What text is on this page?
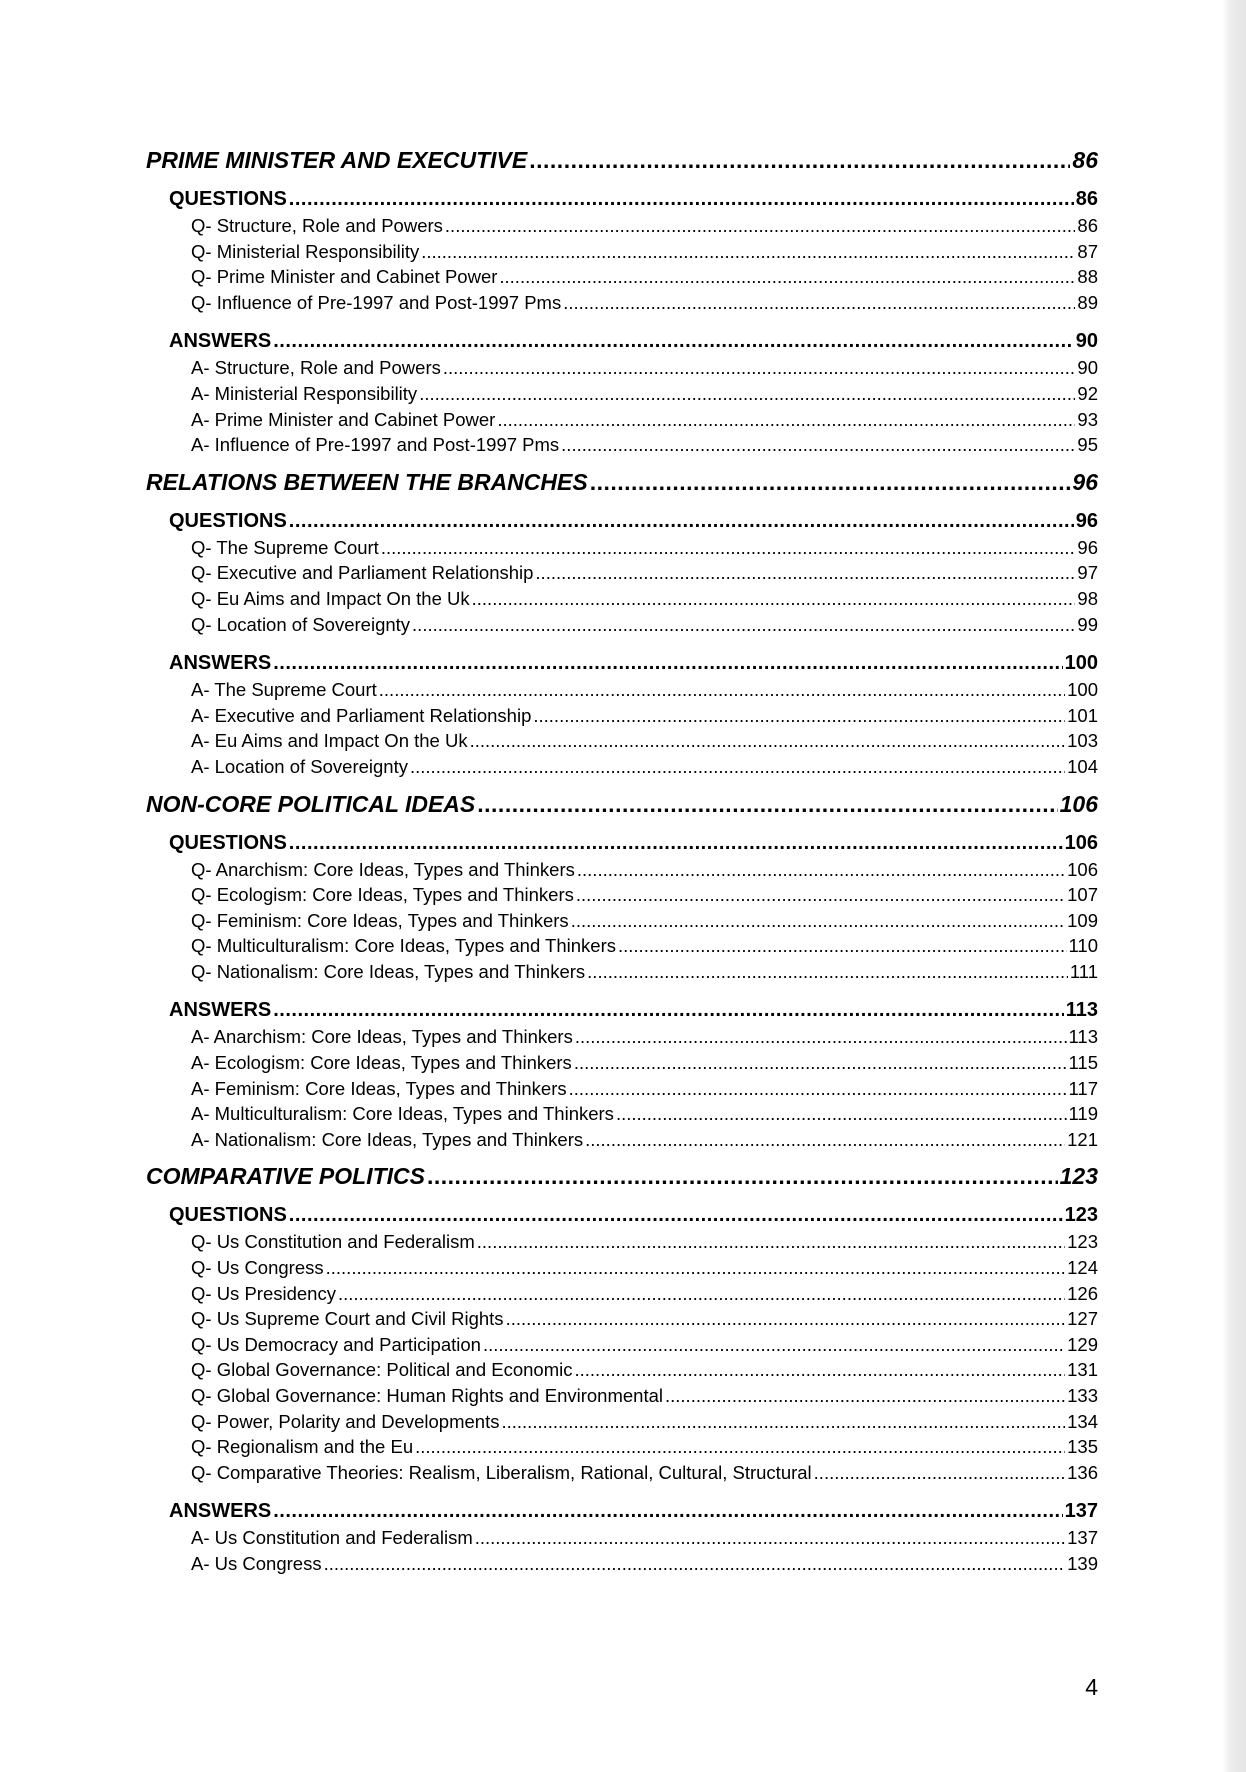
PRIME MINISTER AND EXECUTIVE .....	86
QUESTIONS .....	86
Q- Structure, Role and Powers .....	86
Q- Ministerial Responsibility .....	87
Q- Prime Minister and Cabinet Power .....	88
Q- Influence of Pre-1997 and Post-1997 Pms .....	89
ANSWERS .....	90
A- Structure, Role and Powers .....	90
A- Ministerial Responsibility .....	92
A- Prime Minister and Cabinet Power .....	93
A- Influence of Pre-1997 and Post-1997 Pms .....	95
RELATIONS BETWEEN THE BRANCHES .....	96
QUESTIONS .....	96
Q- The Supreme Court .....	96
Q- Executive and Parliament Relationship .....	97
Q- Eu Aims and Impact On the Uk .....	98
Q- Location of Sovereignty .....	99
ANSWERS .....	100
A- The Supreme Court .....	100
A- Executive and Parliament Relationship .....	101
A- Eu Aims and Impact On the Uk .....	103
A- Location of Sovereignty .....	104
NON-CORE POLITICAL IDEAS .....	106
QUESTIONS .....	106
Q- Anarchism: Core Ideas, Types and Thinkers .....	106
Q- Ecologism: Core Ideas, Types and Thinkers .....	107
Q- Feminism: Core Ideas, Types and Thinkers .....	109
Q- Multiculturalism: Core Ideas, Types and Thinkers .....	110
Q- Nationalism: Core Ideas, Types and Thinkers .....	111
ANSWERS .....	113
A- Anarchism: Core Ideas, Types and Thinkers .....	113
A- Ecologism: Core Ideas, Types and Thinkers .....	115
A- Feminism: Core Ideas, Types and Thinkers .....	117
A- Multiculturalism: Core Ideas, Types and Thinkers .....	119
A- Nationalism: Core Ideas, Types and Thinkers .....	121
COMPARATIVE POLITICS .....	123
QUESTIONS .....	123
Q- Us Constitution and Federalism .....	123
Q- Us Congress .....	124
Q- Us Presidency .....	126
Q- Us Supreme Court and Civil Rights .....	127
Q- Us Democracy and Participation .....	129
Q- Global Governance: Political and Economic .....	131
Q- Global Governance: Human Rights and Environmental .....	133
Q- Power, Polarity and Developments .....	134
Q- Regionalism and the Eu .....	135
Q- Comparative Theories: Realism, Liberalism, Rational, Cultural, Structural .....	136
ANSWERS .....	137
A- Us Constitution and Federalism .....	137
A- Us Congress .....	139
4
